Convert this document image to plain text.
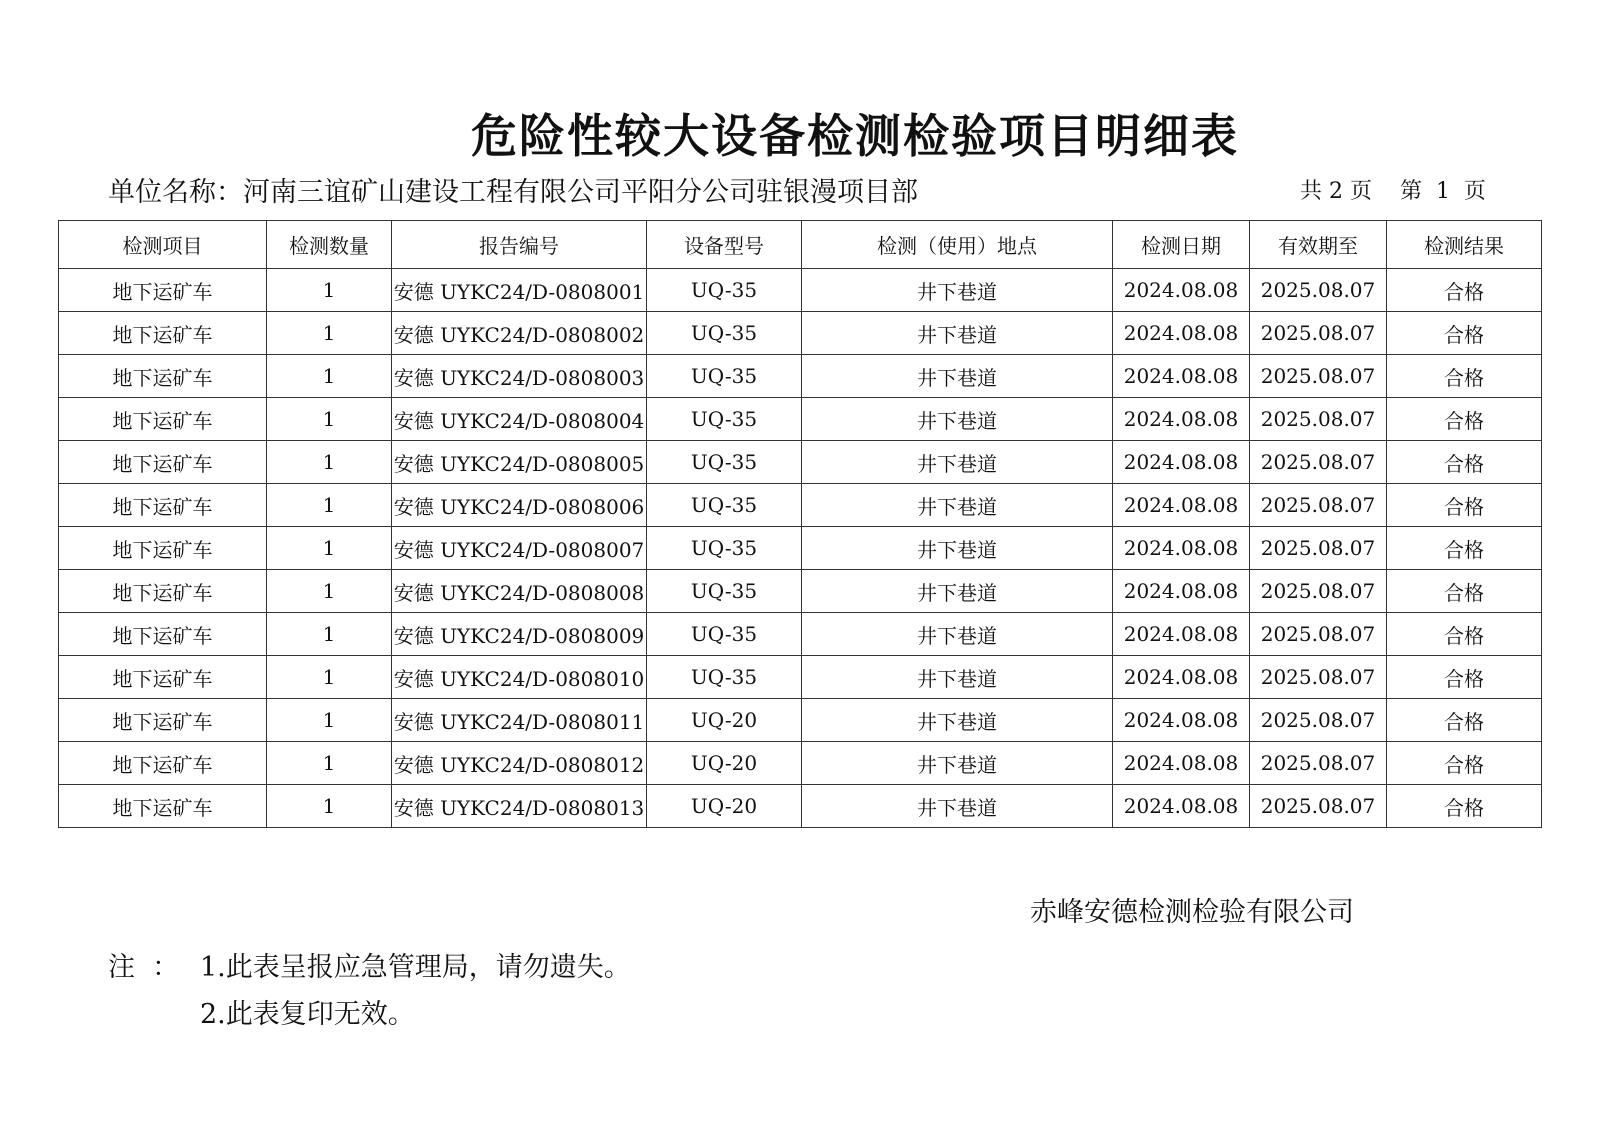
危险性较大设备检测检验项目明细表
单位名称：河南三谊矿山建设工程有限公司平阳分公司驻银漫项目部	共 2 页    第  1  页
检测项目	检测数量	报告编号	设备型号	检测（使用）地点	检测日期	有效期至	检测结果
地下运矿车	1	安德 UYKC24/D-0808001	UQ-35	井下巷道	2024.08.08	2025.08.07	合格
地下运矿车	1	安德 UYKC24/D-0808002	UQ-35	井下巷道	2024.08.08	2025.08.07	合格
地下运矿车	1	安德 UYKC24/D-0808003	UQ-35	井下巷道	2024.08.08	2025.08.07	合格
地下运矿车	1	安德 UYKC24/D-0808004	UQ-35	井下巷道	2024.08.08	2025.08.07	合格
地下运矿车	1	安德 UYKC24/D-0808005	UQ-35	井下巷道	2024.08.08	2025.08.07	合格
地下运矿车	1	安德 UYKC24/D-0808006	UQ-35	井下巷道	2024.08.08	2025.08.07	合格
地下运矿车	1	安德 UYKC24/D-0808007	UQ-35	井下巷道	2024.08.08	2025.08.07	合格
地下运矿车	1	安德 UYKC24/D-0808008	UQ-35	井下巷道	2024.08.08	2025.08.07	合格
地下运矿车	1	安德 UYKC24/D-0808009	UQ-35	井下巷道	2024.08.08	2025.08.07	合格
地下运矿车	1	安德 UYKC24/D-0808010	UQ-35	井下巷道	2024.08.08	2025.08.07	合格
地下运矿车	1	安德 UYKC24/D-0808011	UQ-20	井下巷道	2024.08.08	2025.08.07	合格
地下运矿车	1	安德 UYKC24/D-0808012	UQ-20	井下巷道	2024.08.08	2025.08.07	合格
地下运矿车	1	安德 UYKC24/D-0808013	UQ-20	井下巷道	2024.08.08	2025.08.07	合格
赤峰安德检测检验有限公司
注  ： 1.此表呈报应急管理局，请勿遗失。
2.此表复印无效。
